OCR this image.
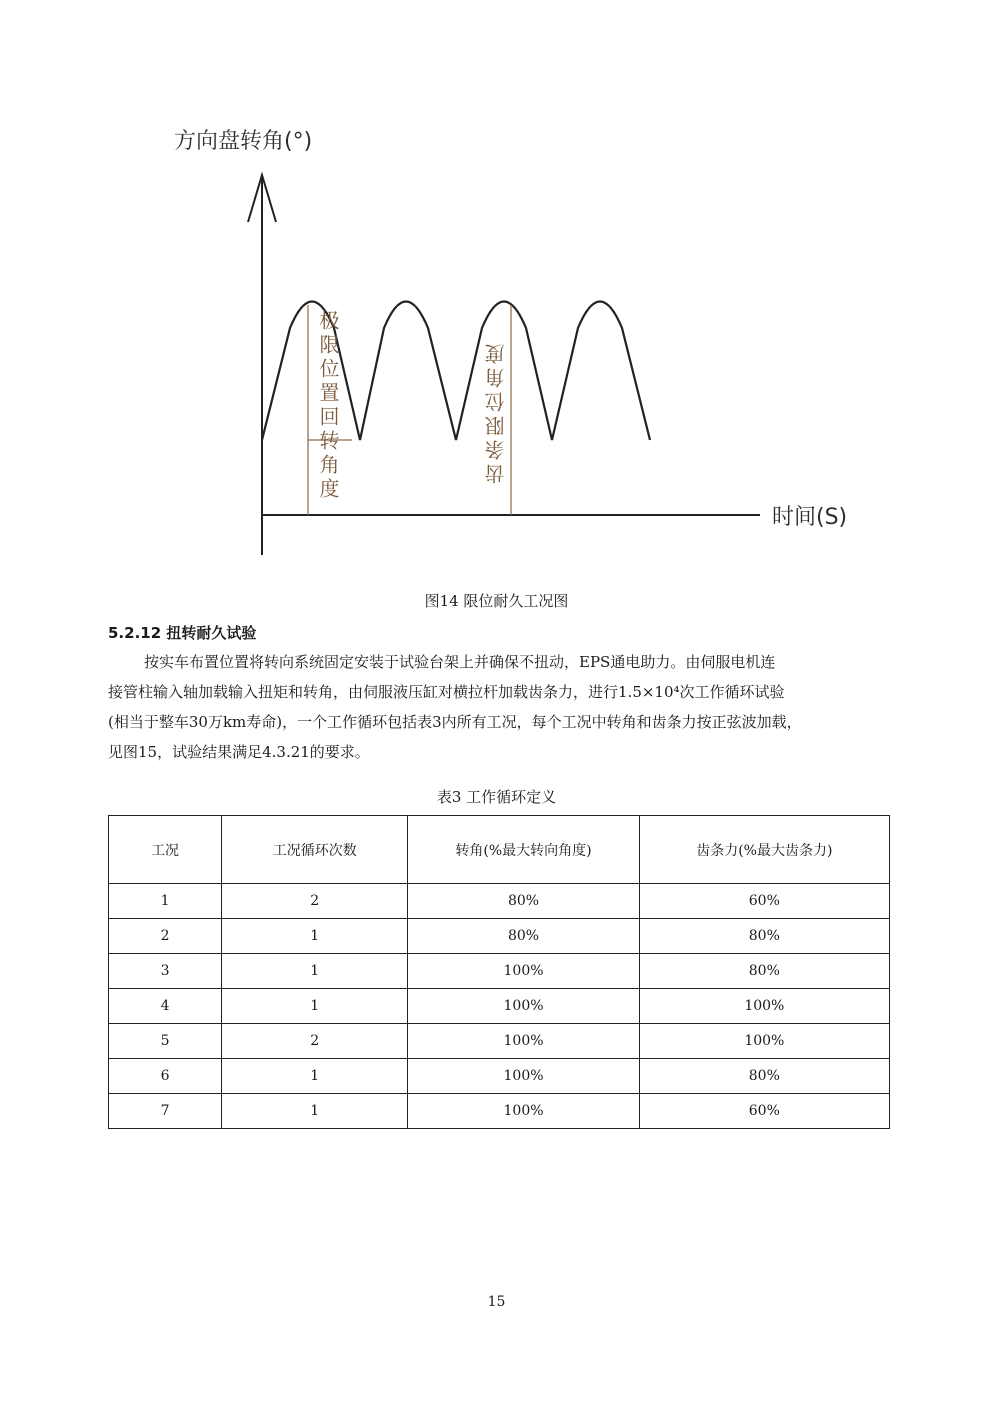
方向盘转角(°)
时间(S)
极限位置回转角度	齿条限位角度
图14 限位耐久工况图
5.2.12 扭转耐久试验

按实车布置位置将转向系统固定安装于试验台架上并确保不扭动，EPS通电助力。由伺服电机连

接管柱输入轴加载输入扭矩和转角，由伺服液压缸对横拉杆加载齿条力，进行1.5×10⁴次工作循环试验

(相当于整车30万km寿命)，一个工作循环包括表3内所有工况，每个工况中转角和齿条力按正弦波加载，

见图15，试验结果满足4.3.21的要求。

表3 工作循环定义
工况	工况循环次数	转角(%最大转向角度)	齿条力(%最大齿条力)
1	2	80%	60%
2	1	80%	80%
3	1	100%	80%
4	1	100%	100%
5	2	100%	100%
6	1	100%	80%
7	1	100%	60%
15
